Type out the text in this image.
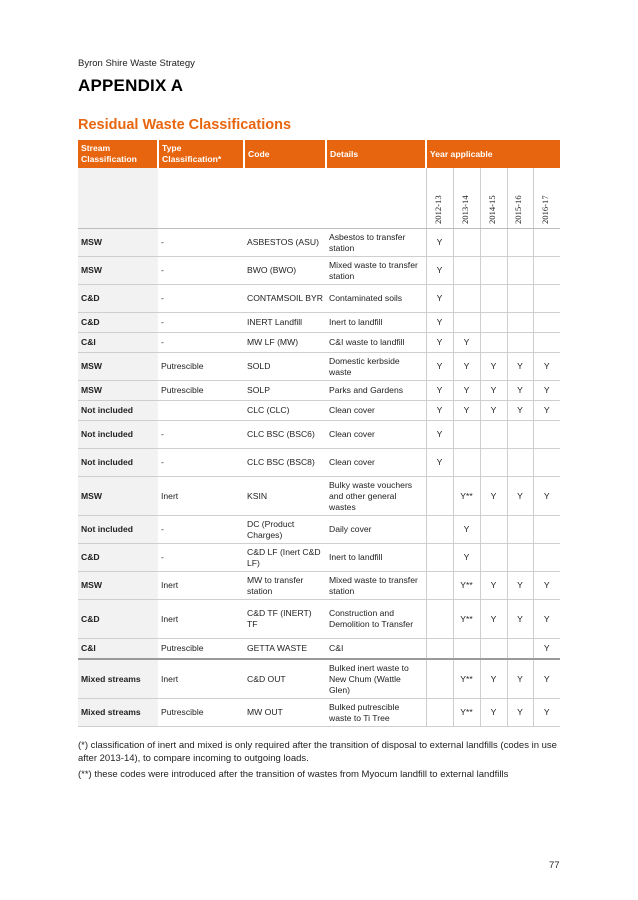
Byron Shire Waste Strategy
APPENDIX A
Residual Waste Classifications
Stream Classification	Type Classification*	Code	Details	Year applicable				

				2012-13	2013-14	2014-15	2015-16	2016-17

MSW	-	ASBESTOS (ASU)	Asbestos to transfer station	Y				
MSW	-	BWO (BWO)	Mixed waste to transfer station	Y				
C&D	-	CONTAMSOIL BYR	Contaminated soils	Y				
C&D	-	INERT Landfill	Inert to landfill	Y				
C&I	-	MW LF (MW)	C&I waste to landfill	Y	Y			
MSW	Putrescible	SOLD	Domestic kerbside waste	Y	Y	Y	Y	Y
MSW	Putrescible	SOLP	Parks and Gardens	Y	Y	Y	Y	Y
Not included		CLC (CLC)	Clean cover	Y	Y	Y	Y	Y
Not included	-	CLC BSC (BSC6)	Clean cover	Y				
Not included	-	CLC BSC (BSC8)	Clean cover	Y				
MSW	Inert	KSIN	Bulky waste vouchers and other general wastes		Y**	Y	Y	Y
Not included	-	DC (Product Charges)	Daily cover		Y			
C&D	-	C&D LF (Inert C&D LF)	Inert to landfill		Y			
MSW	Inert	MW to transfer station	Mixed waste to transfer station		Y**	Y	Y	Y
C&D	Inert	C&D TF (INERT) TF	Construction and Demolition to Transfer		Y**	Y	Y	Y
C&I	Putrescible	GETTA WASTE	C&I					Y
Mixed streams	Inert	C&D OUT	Bulked inert waste to New Chum (Wattle Glen)		Y**	Y	Y	Y
Mixed streams	Putrescible	MW OUT	Bulked putrescible waste to Ti Tree		Y**	Y	Y	Y
(*) classification of inert and mixed is only required after the transition of disposal to external landfills (codes in use after 2013-14), to compare incoming to outgoing loads.
(**) these codes were introduced after the transition of wastes from Myocum landfill to external landfills
77
